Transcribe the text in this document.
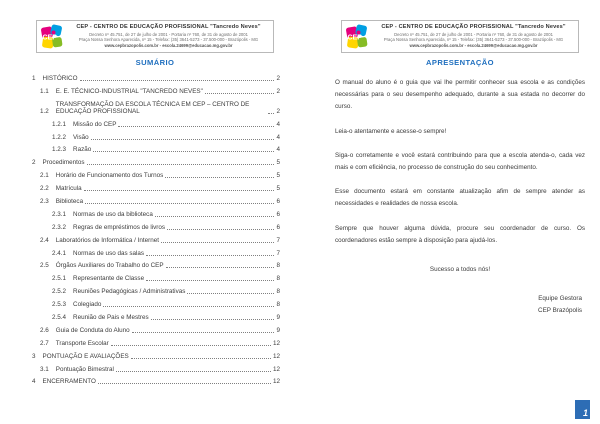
CEP
CEP - CENTRO DE EDUCAÇÃO PROFISSIONAL "Tancredo Neves"
Decreto nº 45.751, de 27 de julho de 2001 - Portaria nº 760, de 31 de agosto de 2001
Praça Nossa Senhora Aparecida, nº 15 - Telefax: (35) 3641-5273 - 37.500-000 - Brazópolis - MG
www.cepbrazopolis.com.br - escola.24699@educacao.mg.gov.br
SUMÁRIO
1 HISTÓRICO	2
1.1 E. E. TÉCNICO-INDUSTRIAL "TANCREDO NEVES"	2
1.2
TRANSFORMAÇÃO DA ESCOLA TÉCNICA EM CEP – CENTRO DE EDUCAÇÃO PROFISSIONAL	2
1.2.1 Missão do CEP	4
1.2.2 Visão	4
1.2.3 Razão	4
2 Procedimentos	5
2.1 Horário de Funcionamento dos Turnos	5
2.2 Matrícula	5
2.3 Biblioteca	6
2.3.1 Normas de uso da biblioteca	6
2.3.2 Regras de empréstimos de livros	6
2.4 Laboratórios de Informática / Internet	7
2.4.1 Normas de uso das salas	7
2.5 Órgãos Auxiliares do Trabalho do CEP	8
2.5.1 Representante de Classe	8
2.5.2 Reuniões Pedagógicas / Administrativas	8
2.5.3 Colegiado	8
2.5.4 Reunião de Pais e Mestres	9
2.6 Guia de Conduta do Aluno	9
2.7 Transporte Escolar	12
3 PONTUAÇÃO E AVALIAÇÕES	12
3.1 Pontuação Bimestral	12
4 ENCERRAMENTO	12
CEP
CEP - CENTRO DE EDUCAÇÃO PROFISSIONAL "Tancredo Neves"
Decreto nº 45.751, de 27 de julho de 2001 - Portaria nº 760, de 31 de agosto de 2001
Praça Nossa Senhora Aparecida, nº 15 - Telefax: (35) 3641-5273 - 37.500-000 - Brazópolis - MG
www.cepbrazopolis.com.br - escola.24699@educacao.mg.gov.br
APRESENTAÇÃO
O manual do aluno é o guia que vai lhe permitir conhecer sua escola e as condições necessárias para o seu desempenho adequado, durante a sua estada no decorrer do curso.
Leia-o atentamente e acesse-o sempre!
Siga-o corretamente e você estará contribuindo para que a escola atenda-o, cada vez mais e com eficiência, no processo de construção do seu conhecimento.
Esse documento estará em constante atualização afim de sempre atender as necessidades e realidades de nossa escola.
Sempre que houver alguma dúvida, procure seu coordenador de curso. Os coordenadores estão sempre à disposição para ajudá-los.
Sucesso a todos nós!
Equipe Gestora
CEP Brazópolis
1
